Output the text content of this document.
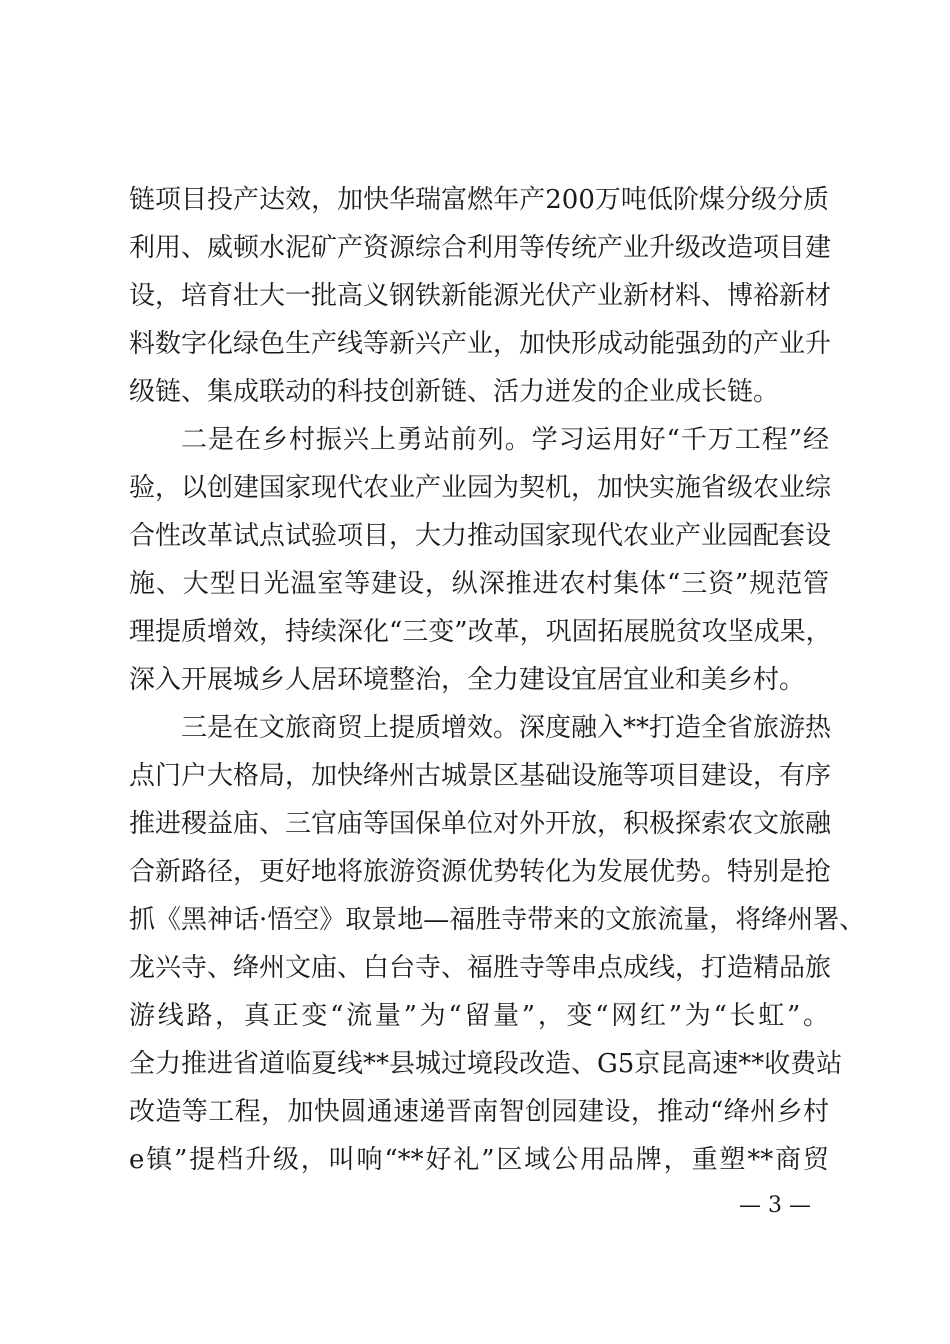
链项目投产达效，加快华瑞富燃年产200万吨低阶煤分级分质
利用、威顿水泥矿产资源综合利用等传统产业升级改造项目建
设，培育壮大一批高义钢铁新能源光伏产业新材料、博裕新材
料数字化绿色生产线等新兴产业，加快形成动能强劲的产业升
级链、集成联动的科技创新链、活力迸发的企业成长链。
二是在乡村振兴上勇站前列。学习运用好“千万工程”经
验，以创建国家现代农业产业园为契机，加快实施省级农业综
合性改革试点试验项目，大力推动国家现代农业产业园配套设
施、大型日光温室等建设，纵深推进农村集体“三资”规范管
理提质增效，持续深化“三变”改革，巩固拓展脱贫攻坚成果，
深入开展城乡人居环境整治，全力建设宜居宜业和美乡村。
三是在文旅商贸上提质增效。深度融入**打造全省旅游热
点门户大格局，加快绛州古城景区基础设施等项目建设，有序
推进稷益庙、三官庙等国保单位对外开放，积极探索农文旅融
合新路径，更好地将旅游资源优势转化为发展优势。特别是抢
抓《黑神话·悟空》取景地—福胜寺带来的文旅流量，将绛州署、
龙兴寺、绛州文庙、白台寺、福胜寺等串点成线，打造精品旅
游线路，真正变“流量”为“留量”，变“网红”为“长虹”。
全力推进省道临夏线**县城过境段改造、G5京昆高速**收费站
改造等工程，加快圆通速递晋南智创园建设，推动“绛州乡村
e镇”提档升级，叫响“**好礼”区域公用品牌，重塑**商贸
— 3 —
